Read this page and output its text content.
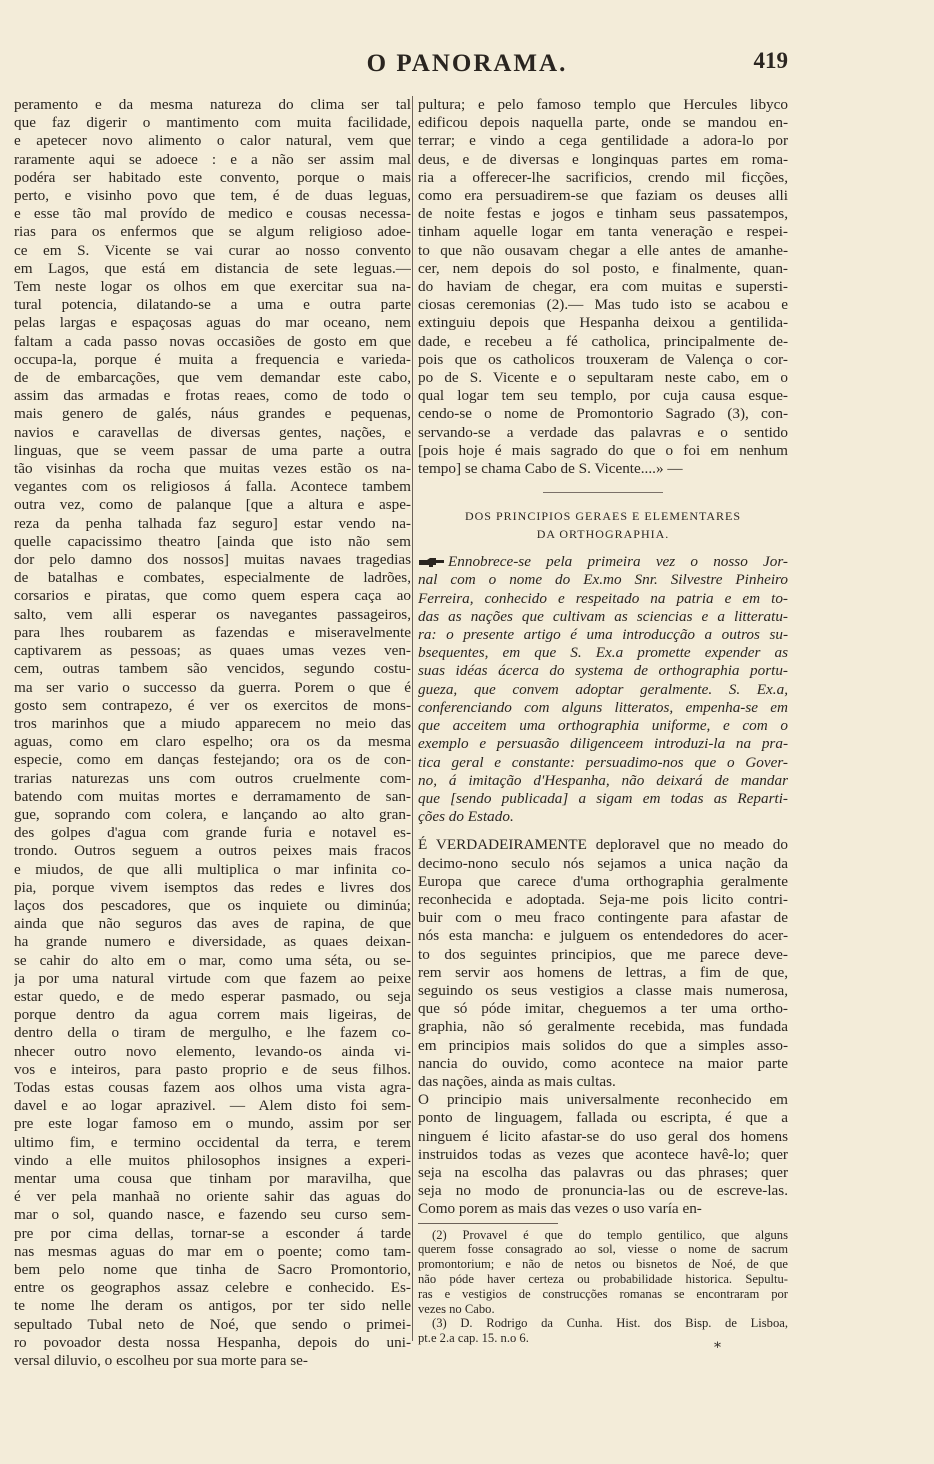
O PANORAMA.	419
peramento e da mesma natureza do clima ser tal
que faz digerir o mantimento com muita facilidade,
e apetecer novo alimento o calor natural, vem que
raramente aqui se adoece : e a não ser assim mal
podéra ser habitado este convento, porque o mais
perto, e visinho povo que tem, é de duas leguas,
e esse tão mal provído de medico e cousas necessa-
rias para os enfermos que se algum religioso adoe-
ce em S. Vicente se vai curar ao nosso convento
em Lagos, que está em distancia de sete leguas.—
Tem neste logar os olhos em que exercitar sua na-
tural potencia, dilatando-se a uma e outra parte
pelas largas e espaçosas aguas do mar oceano, nem
faltam a cada passo novas occasiões de gosto em que
occupa-la, porque é muita a frequencia e varieda-
de de embarcações, que vem demandar este cabo,
assim das armadas e frotas reaes, como de todo o
mais genero de galés, náus grandes e pequenas,
navios e caravellas de diversas gentes, nações, e
linguas, que se veem passar de uma parte a outra
tão visinhas da rocha que muitas vezes estão os na-
vegantes com os religiosos á falla. Acontece tambem
outra vez, como de palanque [que a altura e aspe-
reza da penha talhada faz seguro] estar vendo na-
quelle capacissimo theatro [ainda que isto não sem
dor pelo damno dos nossos] muitas navaes tragedias
de batalhas e combates, especialmente de ladrões,
corsarios e piratas, que como quem espera caça ao
salto, vem alli esperar os navegantes passageiros,
para lhes roubarem as fazendas e miseravelmente
captivarem as pessoas; as quaes umas vezes ven-
cem, outras tambem são vencidos, segundo costu-
ma ser vario o successo da guerra. Porem o que é
gosto sem contrapezo, é ver os exercitos de mons-
tros marinhos que a miudo apparecem no meio das
aguas, como em claro espelho; ora os da mesma
especie, como em danças festejando; ora os de con-
trarias naturezas uns com outros cruelmente com-
batendo com muitas mortes e derramamento de san-
gue, soprando com colera, e lançando ao alto gran-
des golpes d'agua com grande furia e notavel es-
trondo. Outros seguem a outros peixes mais fracos
e miudos, de que alli multiplica o mar infinita co-
pia, porque vivem isemptos das redes e livres dos
laços dos pescadores, que os inquiete ou diminúa;
ainda que não seguros das aves de rapina, de que
ha grande numero e diversidade, as quaes deixan-
se cahir do alto em o mar, como uma séta, ou se-
ja por uma natural virtude com que fazem ao peixe
estar quedo, e de medo esperar pasmado, ou seja
porque dentro da agua correm mais ligeiras, de
dentro della o tiram de mergulho, e lhe fazem co-
nhecer outro novo elemento, levando-os ainda vi-
vos e inteiros, para pasto proprio e de seus filhos.
Todas estas cousas fazem aos olhos uma vista agra-
davel e ao logar aprazivel. — Alem disto foi sem-
pre este logar famoso em o mundo, assim por ser
ultimo fim, e termino occidental da terra, e terem
vindo a elle muitos philosophos insignes a experi-
mentar uma cousa que tinham por maravilha, que
é ver pela manhaã no oriente sahir das aguas do
mar o sol, quando nasce, e fazendo seu curso sem-
pre por cima dellas, tornar-se a esconder á tarde
nas mesmas aguas do mar em o poente; como tam-
bem pelo nome que tinha de Sacro Promontorio,
entre os geographos assaz celebre e conhecido. Es-
te nome lhe deram os antigos, por ter sido nelle
sepultado Tubal neto de Noé, que sendo o primei-
ro povoador desta nossa Hespanha, depois do uni-
versal diluvio, o escolheu por sua morte para se-
pultura; e pelo famoso templo que Hercules libyco
edificou depois naquella parte, onde se mandou en-
terrar; e vindo a cega gentilidade a adora-lo por
deus, e de diversas e longinquas partes em roma-
ria a offerecer-lhe sacrificios, crendo mil ficções,
como era persuadirem-se que faziam os deuses alli
de noite festas e jogos e tinham seus passatempos,
tinham aquelle logar em tanta veneração e respei-
to que não ousavam chegar a elle antes de amanhe-
cer, nem depois do sol posto, e finalmente, quan-
do haviam de chegar, era com muitas e supersti-
ciosas ceremonias (2).— Mas tudo isto se acabou e
extinguiu depois que Hespanha deixou a gentilida-
dade, e recebeu a fé catholica, principalmente de-
pois que os catholicos trouxeram de Valença o cor-
po de S. Vicente e o sepultaram neste cabo, em o
qual logar tem seu templo, por cuja causa esque-
cendo-se o nome de Promontorio Sagrado (3), con-
servando-se a verdade das palavras e o sentido
[pois hoje é mais sagrado do que o foi em nenhum
tempo] se chama Cabo de S. Vicente....» —
DOS PRINCIPIOS GERAES E ELEMENTARES
DA ORTHOGRAPHIA.
Ennobrece-se pela primeira vez o nosso Jor-
nal com o nome do Ex.mo Snr. Silvestre Pinheiro
Ferreira, conhecido e respeitado na patria e em to-
das as nações que cultivam as sciencias e a litteratu-
ra: o presente artigo é uma introducção a outros su-
bsequentes, em que S. Ex.a promette expender as
suas idéas ácerca do systema de orthographia portu-
gueza, que convem adoptar geralmente. S. Ex.a,
conferenciando com alguns litteratos, empenha-se em
que acceitem uma orthographia uniforme, e com o
exemplo e persuasão diligenceem introduzi-la na pra-
tica geral e constante: persuadimo-nos que o Gover-
no, á imitação d'Hespanha, não deixará de mandar
que [sendo publicada] a sigam em todas as Reparti-
ções do Estado.
É VERDADEIRAMENTE deploravel que no meado do
decimo-nono seculo nós sejamos a unica nação da
Europa que carece d'uma orthographia geralmente
reconhecida e adoptada. Seja-me pois licito contri-
buir com o meu fraco contingente para afastar de
nós esta mancha: e julguem os entendedores do acer-
to dos seguintes principios, que me parece deve-
rem servir aos homens de lettras, a fim de que,
seguindo os seus vestigios a classe mais numerosa,
que só póde imitar, cheguemos a ter uma ortho-
graphia, não só geralmente recebida, mas fundada
em principios mais solidos do que a simples asso-
nancia do ouvido, como acontece na maior parte
das nações, ainda as mais cultas.
O principio mais universalmente reconhecido em
ponto de linguagem, fallada ou escripta, é que a
ninguem é licito afastar-se do uso geral dos homens
instruidos todas as vezes que acontece havê-lo; quer
seja na escolha das palavras ou das phrases; quer
seja no modo de pronuncia-las ou de escreve-las.
Como porem as mais das vezes o uso varía en-
(2) Provavel é que do templo gentilico, que alguns
querem fosse consagrado ao sol, viesse o nome de sacrum
promontorium; e não de netos ou bisnetos de Noé, de que
não póde haver certeza ou probabilidade historica. Sepultu-
ras e vestigios de construcções romanas se encontraram por
vezes no Cabo.
(3) D. Rodrigo da Cunha. Hist. dos Bisp. de Lisboa,
pt.e 2.a cap. 15. n.o 6.
*
